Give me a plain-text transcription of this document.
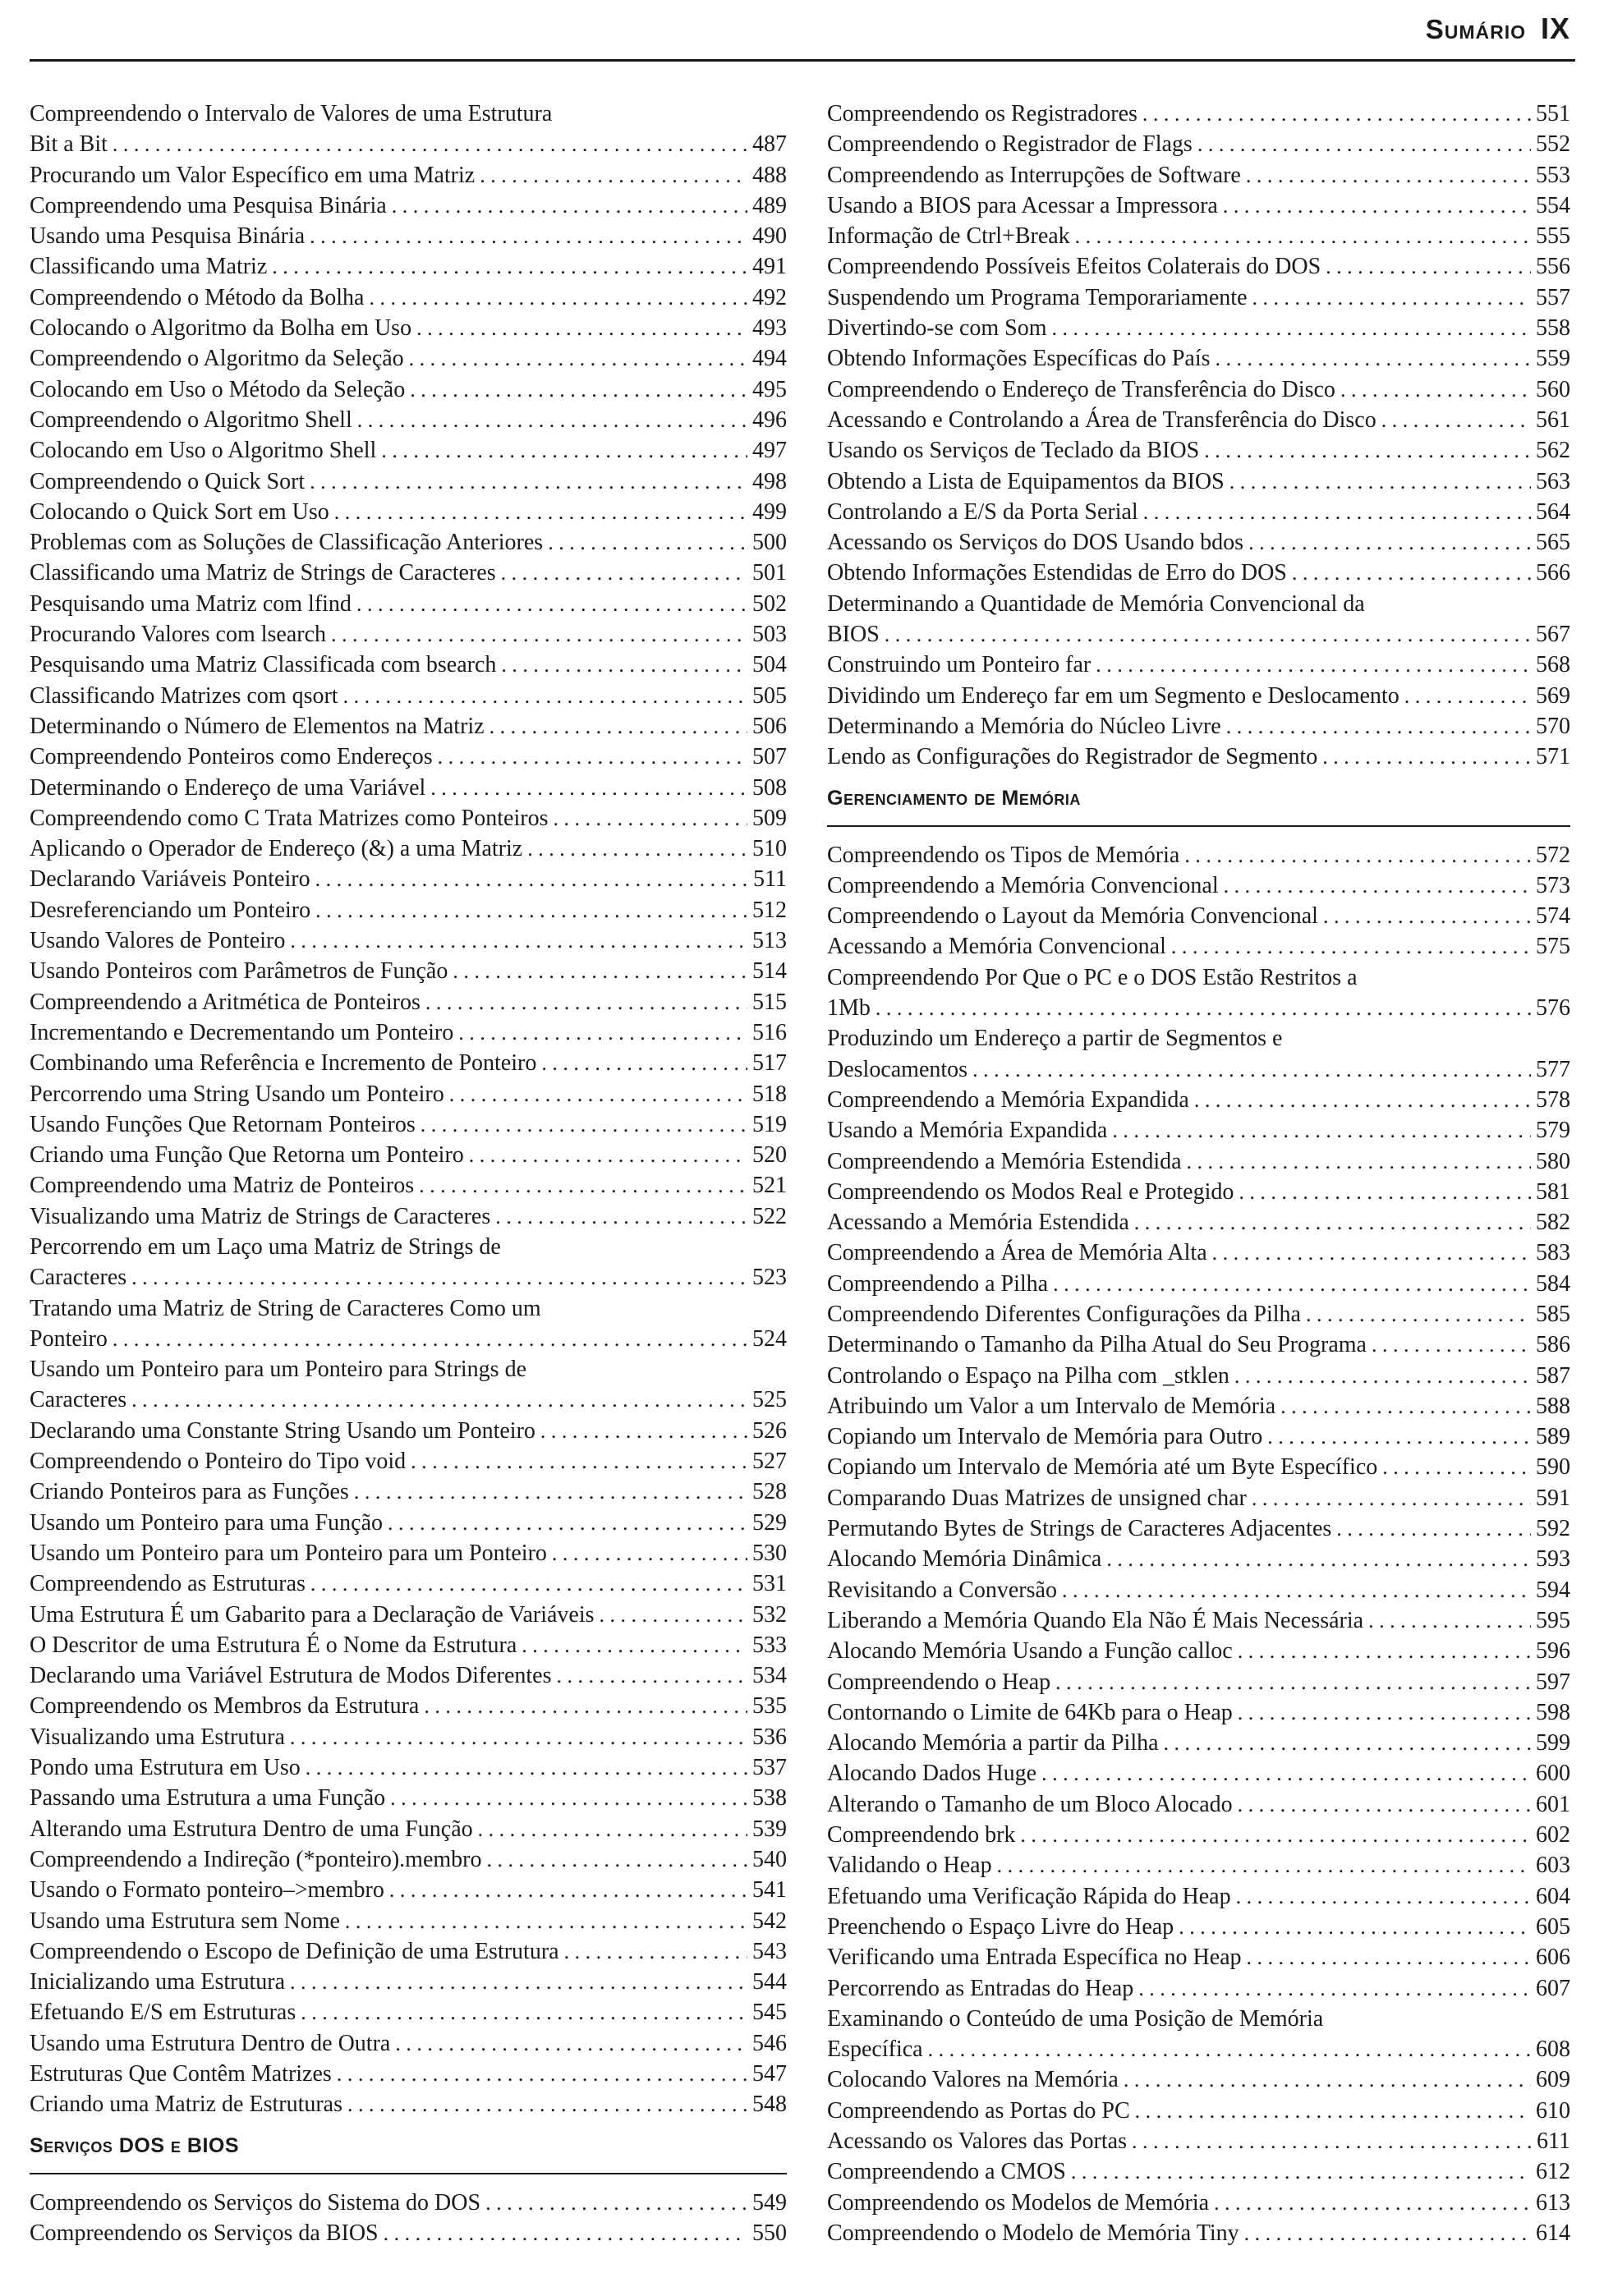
Sumário IX
Compreendendo o Intervalo de Valores de uma Estrutura
Bit a Bit . . .	487
Procurando um Valor Específico em uma Matriz . . .	488
Compreendendo uma Pesquisa Binária . . .	489
Usando uma Pesquisa Binária . . .	490
Classificando uma Matriz . . .	491
Compreendendo o Método da Bolha . . .	492
Colocando o Algoritmo da Bolha em Uso . . .	493
Compreendendo o Algoritmo da Seleção . . .	494
Colocando em Uso o Método da Seleção . . .	495
Compreendendo o Algoritmo Shell . . .	496
Colocando em Uso o Algoritmo Shell . . .	497
Compreendendo o Quick Sort . . .	498
Colocando o Quick Sort em Uso . . .	499
Problemas com as Soluções de Classificação Anteriores . . .	500
Classificando uma Matriz de Strings de Caracteres . . .	501
Pesquisando uma Matriz com lfind . . .	502
Procurando Valores com lsearch . . .	503
Pesquisando uma Matriz Classificada com bsearch . . .	504
Classificando Matrizes com qsort . . .	505
Determinando o Número de Elementos na Matriz . . .	506
Compreendendo Ponteiros como Endereços . . .	507
Determinando o Endereço de uma Variável . . .	508
Compreendendo como C Trata Matrizes como Ponteiros . . .	509
Aplicando o Operador de Endereço (&) a uma Matriz . . .	510
Declarando Variáveis Ponteiro . . .	511
Desreferenciando um Ponteiro . . .	512
Usando Valores de Ponteiro . . .	513
Usando Ponteiros com Parâmetros de Função . . .	514
Compreendendo a Aritmética de Ponteiros . . .	515
Incrementando e Decrementando um Ponteiro . . .	516
Combinando uma Referência e Incremento de Ponteiro . . .	517
Percorrendo uma String Usando um Ponteiro . . .	518
Usando Funções Que Retornam Ponteiros . . .	519
Criando uma Função Que Retorna um Ponteiro . . .	520
Compreendendo uma Matriz de Ponteiros . . .	521
Visualizando uma Matriz de Strings de Caracteres . . .	522
Percorrendo em um Laço uma Matriz de Strings de
Caracteres . . .	523
Tratando uma Matriz de String de Caracteres Como um
Ponteiro . . .	524
Usando um Ponteiro para um Ponteiro para Strings de
Caracteres . . .	525
Declarando uma Constante String Usando um Ponteiro . . .	526
Compreendendo o Ponteiro do Tipo void . . .	527
Criando Ponteiros para as Funções . . .	528
Usando um Ponteiro para uma Função . . .	529
Usando um Ponteiro para um Ponteiro para um Ponteiro . . .	530
Compreendendo as Estruturas . . .	531
Uma Estrutura É um Gabarito para a Declaração de Variáveis . . .	532
O Descritor de uma Estrutura É o Nome da Estrutura . . .	533
Declarando uma Variável Estrutura de Modos Diferentes . . .	534
Compreendendo os Membros da Estrutura . . .	535
Visualizando uma Estrutura . . .	536
Pondo uma Estrutura em Uso . . .	537
Passando uma Estrutura a uma Função . . .	538
Alterando uma Estrutura Dentro de uma Função . . .	539
Compreendendo a Indireção (*ponteiro).membro . . .	540
Usando o Formato ponteiro–>membro . . .	541
Usando uma Estrutura sem Nome . . .	542
Compreendendo o Escopo de Definição de uma Estrutura . . .	543
Inicializando uma Estrutura . . .	544
Efetuando E/S em Estruturas . . .	545
Usando uma Estrutura Dentro de Outra . . .	546
Estruturas Que Contêm Matrizes . . .	547
Criando uma Matriz de Estruturas . . .	548
Serviços DOS e BIOS
Compreendendo os Serviços do Sistema do DOS . . .	549
Compreendendo os Serviços da BIOS . . .	550
Compreendendo os Registradores . . .	551
Compreendendo o Registrador de Flags . . .	552
Compreendendo as Interrupções de Software . . .	553
Usando a BIOS para Acessar a Impressora . . .	554
Informação de Ctrl+Break . . .	555
Compreendendo Possíveis Efeitos Colaterais do DOS . . .	556
Suspendendo um Programa Temporariamente . . .	557
Divertindo-se com Som . . .	558
Obtendo Informações Específicas do País . . .	559
Compreendendo o Endereço de Transferência do Disco . . .	560
Acessando e Controlando a Área de Transferência do Disco . . .	561
Usando os Serviços de Teclado da BIOS . . .	562
Obtendo a Lista de Equipamentos da BIOS . . .	563
Controlando a E/S da Porta Serial . . .	564
Acessando os Serviços do DOS Usando bdos . . .	565
Obtendo Informações Estendidas de Erro do DOS . . .	566
Determinando a Quantidade de Memória Convencional da
BIOS . . .	567
Construindo um Ponteiro far . . .	568
Dividindo um Endereço far em um Segmento e Deslocamento . . .	569
Determinando a Memória do Núcleo Livre . . .	570
Lendo as Configurações do Registrador de Segmento . . .	571
Gerenciamento de Memória
Compreendendo os Tipos de Memória . . .	572
Compreendendo a Memória Convencional . . .	573
Compreendendo o Layout da Memória Convencional . . .	574
Acessando a Memória Convencional . . .	575
Compreendendo Por Que o PC e o DOS Estão Restritos a
1Mb . . .	576
Produzindo um Endereço a partir de Segmentos e
Deslocamentos . . .	577
Compreendendo a Memória Expandida . . .	578
Usando a Memória Expandida . . .	579
Compreendendo a Memória Estendida . . .	580
Compreendendo os Modos Real e Protegido . . .	581
Acessando a Memória Estendida . . .	582
Compreendendo a Área de Memória Alta . . .	583
Compreendendo a Pilha . . .	584
Compreendendo Diferentes Configurações da Pilha . . .	585
Determinando o Tamanho da Pilha Atual do Seu Programa . . .	586
Controlando o Espaço na Pilha com _stklen . . .	587
Atribuindo um Valor a um Intervalo de Memória . . .	588
Copiando um Intervalo de Memória para Outro . . .	589
Copiando um Intervalo de Memória até um Byte Específico . . .	590
Comparando Duas Matrizes de unsigned char . . .	591
Permutando Bytes de Strings de Caracteres Adjacentes . . .	592
Alocando Memória Dinâmica . . .	593
Revisitando a Conversão . . .	594
Liberando a Memória Quando Ela Não É Mais Necessária . . .	595
Alocando Memória Usando a Função calloc . . .	596
Compreendendo o Heap . . .	597
Contornando o Limite de 64Kb para o Heap . . .	598
Alocando Memória a partir da Pilha . . .	599
Alocando Dados Huge . . .	600
Alterando o Tamanho de um Bloco Alocado . . .	601
Compreendendo brk . . .	602
Validando o Heap . . .	603
Efetuando uma Verificação Rápida do Heap . . .	604
Preenchendo o Espaço Livre do Heap . . .	605
Verificando uma Entrada Específica no Heap . . .	606
Percorrendo as Entradas do Heap . . .	607
Examinando o Conteúdo de uma Posição de Memória
Específica . . .	608
Colocando Valores na Memória . . .	609
Compreendendo as Portas do PC . . .	610
Acessando os Valores das Portas . . .	611
Compreendendo a CMOS . . .	612
Compreendendo os Modelos de Memória . . .	613
Compreendendo o Modelo de Memória Tiny . . .	614
